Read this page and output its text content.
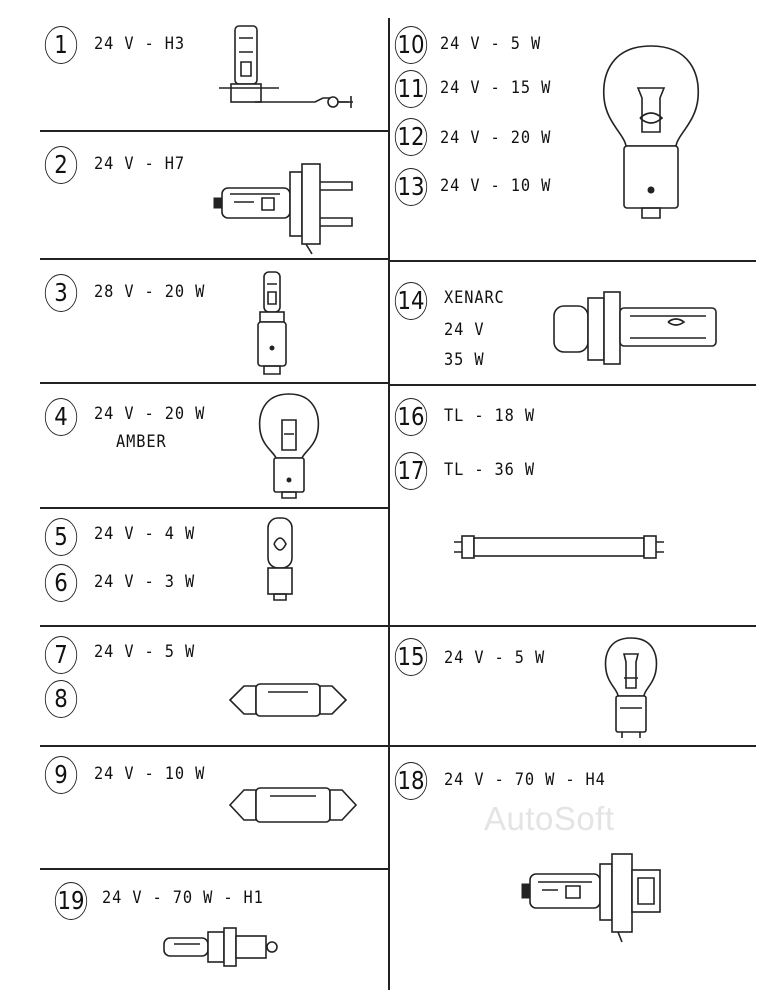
1	24 V - H3
2	24 V - H7
3	28 V - 20 W
4	24 V - 20 W
AMBER
5	24 V - 4 W
6	24 V - 3 W
7	24 V - 5 W
8
9	24 V - 10 W
19 24 V - 70 W - H1
10 24 V - 5 W
11 24 V - 15 W
12 24 V - 20 W
13 24 V - 10 W
14 XENARC
24 V
35 W
16 TL - 18 W
17 TL - 36 W
15 24 V - 5 W
18 24 V - 70 W - H4
AutoSoft
